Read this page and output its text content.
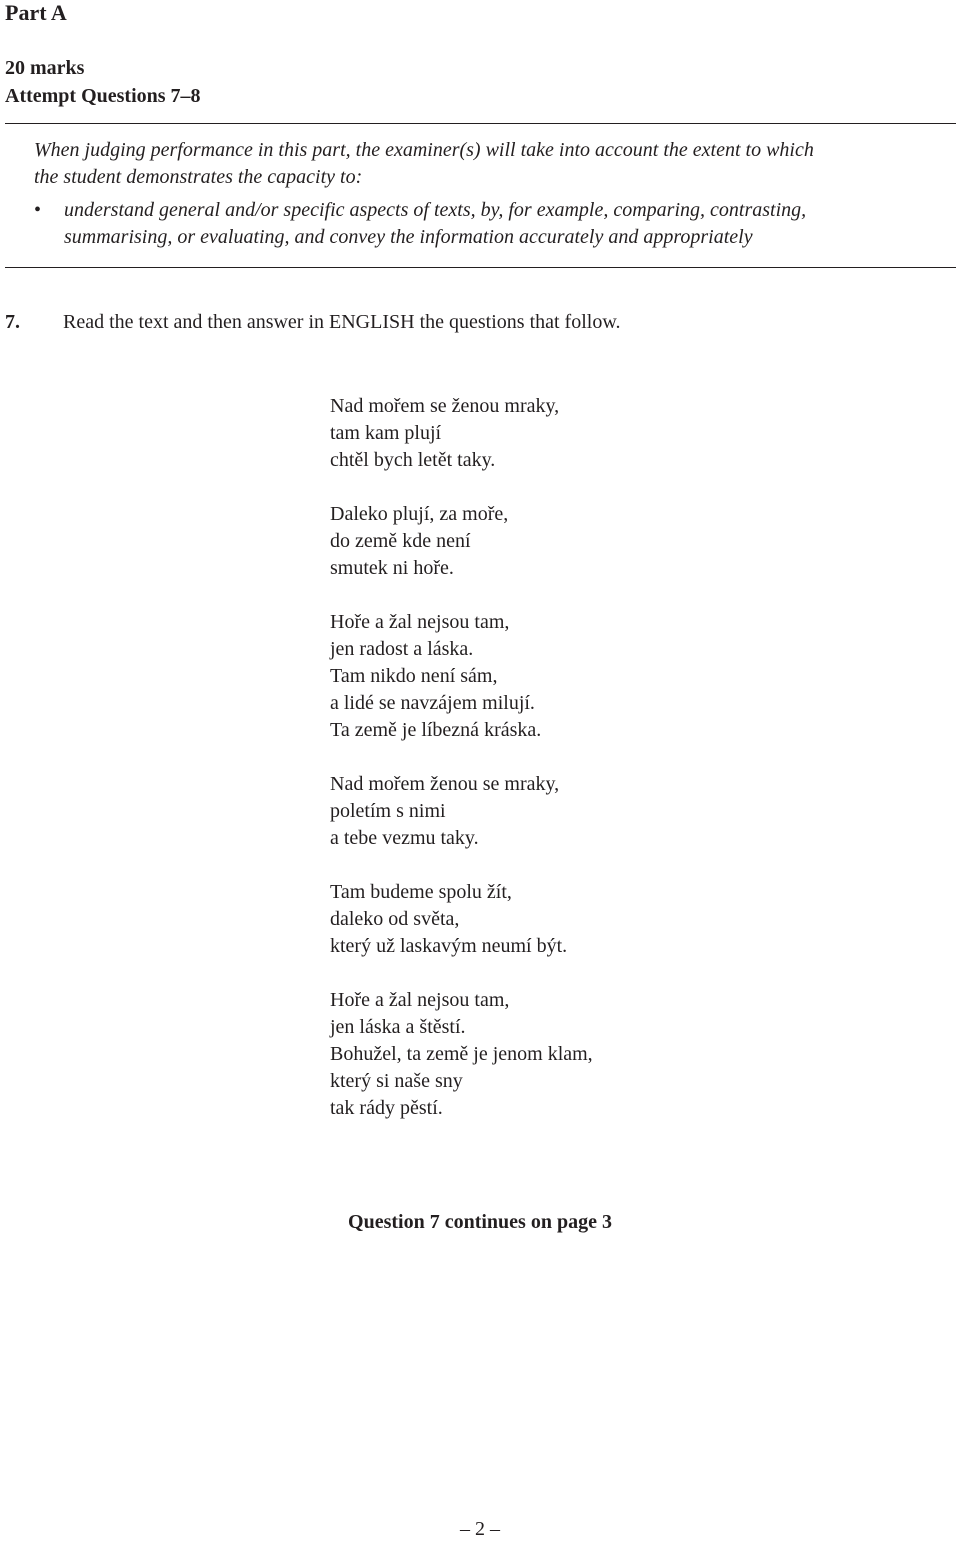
Part A
20 marks
Attempt Questions 7–8
When judging performance in this part, the examiner(s) will take into account the extent to which
the student demonstrates the capacity to:
• understand general and/or specific aspects of texts, by, for example, comparing, contrasting,
summarising, or evaluating, and convey the information accurately and appropriately
7. Read the text and then answer in ENGLISH the questions that follow.
Nad mořem se ženou mraky,
tam kam plují
chtěl bych letět taky.
Daleko plují, za moře,
do země kde není
smutek ni hoře.
Hoře a žal nejsou tam,
jen radost a láska.
Tam nikdo není sám,
a lidé se navzájem milují.
Ta země je líbezná kráska.
Nad mořem ženou se mraky,
poletím s nimi
a tebe vezmu taky.
Tam budeme spolu žít,
daleko od světa,
který už laskavým neumí být.
Hoře a žal nejsou tam,
jen láska a štěstí.
Bohužel, ta země je jenom klam,
který si naše sny
tak rády pěstí.
Question 7 continues on page 3
– 2 –
